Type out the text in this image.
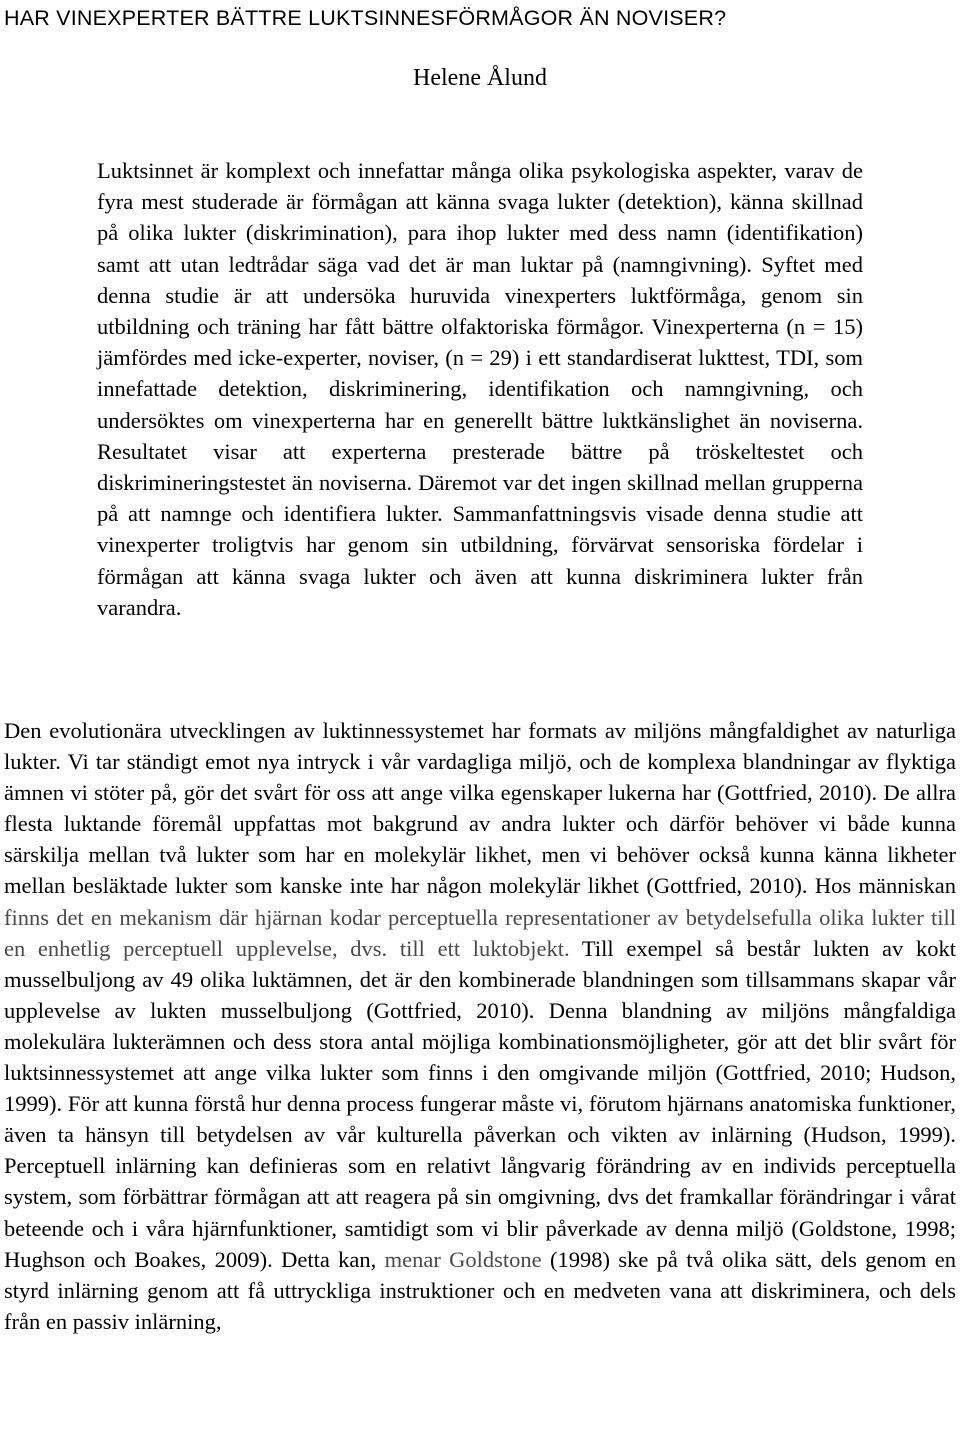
HAR VINEXPERTER BÄTTRE LUKTSINNESFÖRMÅGOR ÄN NOVISER?

Helene Ålund

Luktsinnet är komplext och innefattar många olika psykologiska aspekter, varav de fyra mest studerade är förmågan att känna svaga lukter (detektion), känna skillnad på olika lukter (diskrimination), para ihop lukter med dess namn (identifikation) samt att utan ledtrådar säga vad det är man luktar på (namngivning). Syftet med denna studie är att undersöka huruvida vinexperters luktförmåga, genom sin utbildning och träning har fått bättre olfaktoriska förmågor. Vinexperterna (n = 15) jämfördes med icke-experter, noviser, (n = 29) i ett standardiserat lukttest, TDI, som innefattade detektion, diskriminering, identifikation och namngivning, och undersöktes om vinexperterna har en generellt bättre luktkänslighet än noviserna. Resultatet visar att experterna presterade bättre på tröskeltestet och diskrimineringstestet än noviserna. Däremot var det ingen skillnad mellan grupperna på att namnge och identifiera lukter. Sammanfattningsvis visade denna studie att vinexperter troligtvis har genom sin utbildning, förvärvat sensoriska fördelar i förmågan att känna svaga lukter och även att kunna diskriminera lukter från varandra.

Den evolutionära utvecklingen av luktinnessystemet har formats av miljöns mångfaldighet av naturliga lukter. Vi tar ständigt emot nya intryck i vår vardagliga miljö, och de komplexa blandningar av flyktiga ämnen vi stöter på, gör det svårt för oss att ange vilka egenskaper lukerna har (Gottfried, 2010). De allra flesta luktande föremål uppfattas mot bakgrund av andra lukter och därför behöver vi både kunna särskilja mellan två lukter som har en molekylär likhet, men vi behöver också kunna känna likheter mellan besläktade lukter som kanske inte har någon molekylär likhet (Gottfried, 2010). Hos människan finns det en mekanism där hjärnan kodar perceptuella representationer av betydelsefulla olika lukter till en enhetlig perceptuell upplevelse, dvs. till ett luktobjekt. Till exempel så består lukten av kokt musselbuljong av 49 olika luktämnen, det är den kombinerade blandningen som tillsammans skapar vår upplevelse av lukten musselbuljong (Gottfried, 2010). Denna blandning av miljöns mångfaldiga molekulära lukterämnen och dess stora antal möjliga kombinationsmöjligheter, gör att det blir svårt för luktsinnessystemet att ange vilka lukter som finns i den omgivande miljön (Gottfried, 2010; Hudson, 1999). För att kunna förstå hur denna process fungerar måste vi, förutom hjärnans anatomiska funktioner, även ta hänsyn till betydelsen av vår kulturella påverkan och vikten av inlärning (Hudson, 1999). Perceptuell inlärning kan definieras som en relativt långvarig förändring av en individs perceptuella system, som förbättrar förmågan att att reagera på sin omgivning, dvs det framkallar förändringar i vårat beteende och i våra hjärnfunktioner, samtidigt som vi blir påverkade av denna miljö (Goldstone, 1998; Hughson och Boakes, 2009). Detta kan, menar Goldstone (1998) ske på två olika sätt, dels genom en styrd inlärning genom att få uttryckliga instruktioner och en medveten vana att diskriminera, och dels från en passiv inlärning,
